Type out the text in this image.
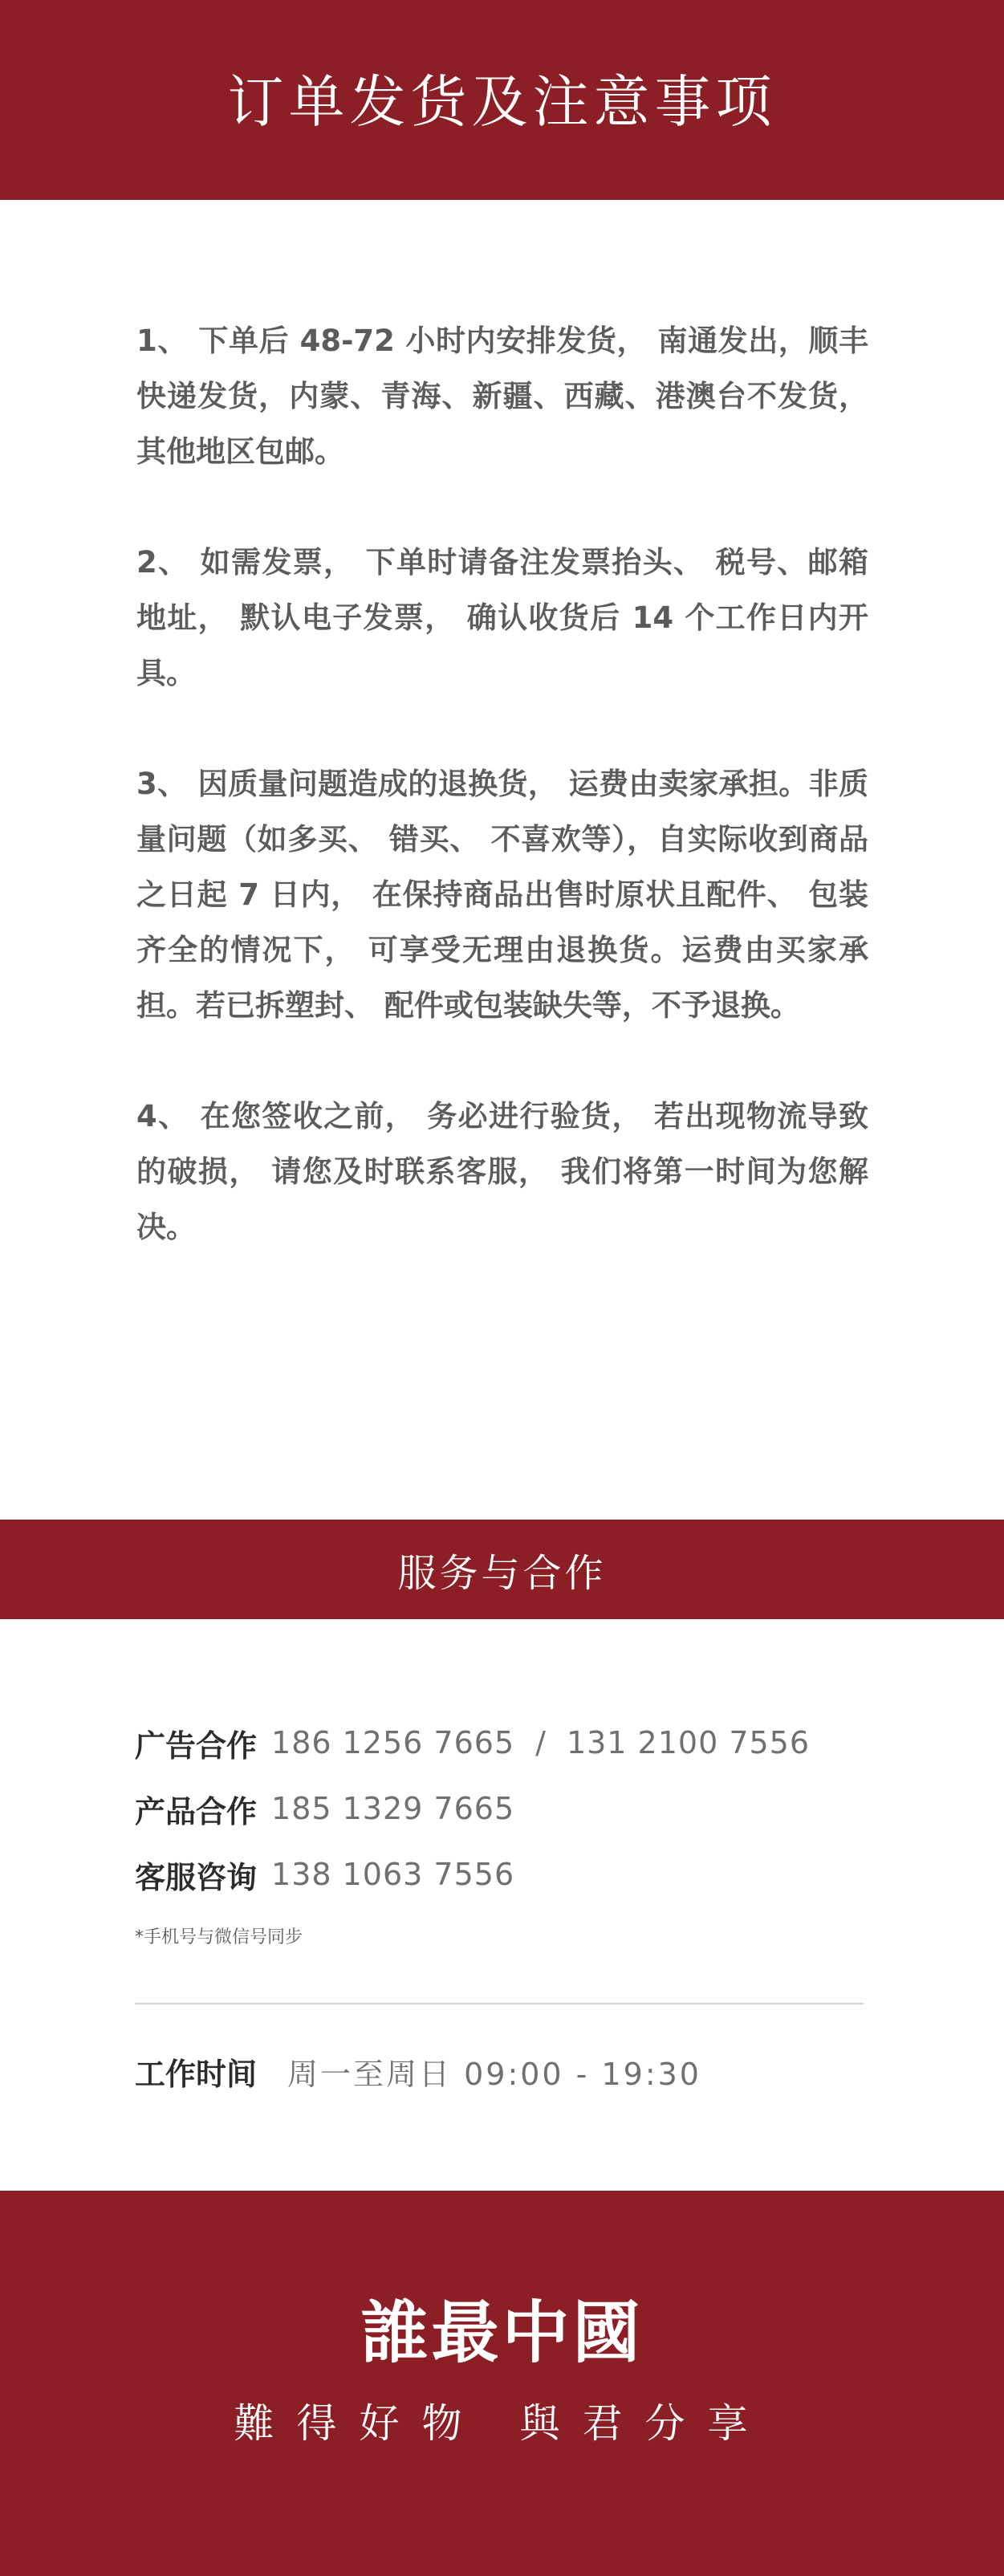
订单发货及注意事项

1、 下单后 48-72 小时内安排发货， 南通发出，顺丰快递发货，内蒙、青海、新疆、西藏、港澳台不发货，其他地区包邮。

2、 如需发票， 下单时请备注发票抬头、 税号、邮箱地址， 默认电子发票， 确认收货后 14 个工作日内开具。

3、 因质量问题造成的退换货， 运费由卖家承担。非质量问题（如多买、 错买、 不喜欢等），自实际收到商品之日起 7 日内， 在保持商品出售时原状且配件、 包装齐全的情况下， 可享受无理由退换货。运费由买家承担。若已拆塑封、 配件或包装缺失等，不予退换。

4、 在您签收之前， 务必进行验货， 若出现物流导致的破损， 请您及时联系客服， 我们将第一时间为您解决。

服务与合作
广告合作 186 1256 7665 / 131 2100 7556
产品合作 185 1329 7665
客服咨询 138 1063 7556
*手机号与微信号同步
工作时间 周一至周日 09:00 - 19:30
誰最中國
難得好物 與君分享
